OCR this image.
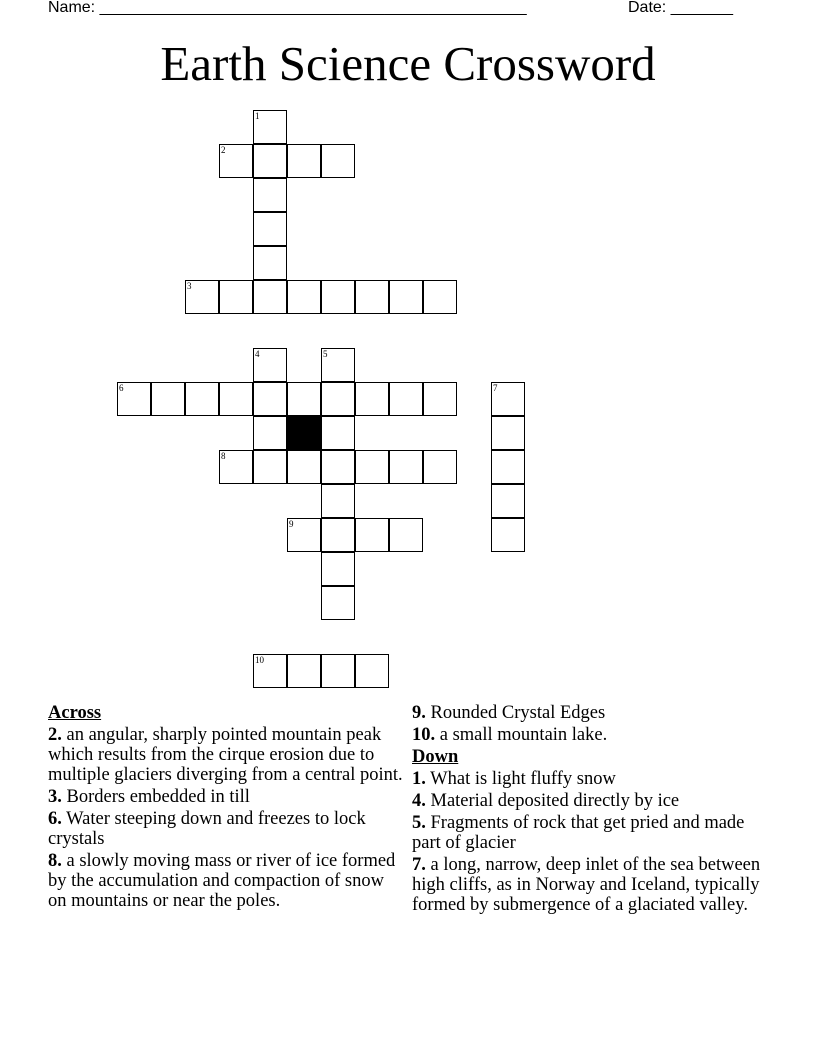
Name: ________________________________________________	Date: _______
Earth Science Crossword
1
2
3
4	5
6	7
8
9
10
Across
2. an angular, sharply pointed mountain peak which results from the cirque erosion due to multiple glaciers diverging from a central point.
3. Borders embedded in till
6. Water steeping down and freezes to lock crystals
8. a slowly moving mass or river of ice formed by the accumulation and compaction of snow on mountains or near the poles.
9. Rounded Crystal Edges
10. a small mountain lake.
Down
1. What is light fluffy snow
4. Material deposited directly by ice
5. Fragments of rock that get pried and made part of glacier
7. a long, narrow, deep inlet of the sea between high cliffs, as in Norway and Iceland, typically formed by submergence of a glaciated valley.
